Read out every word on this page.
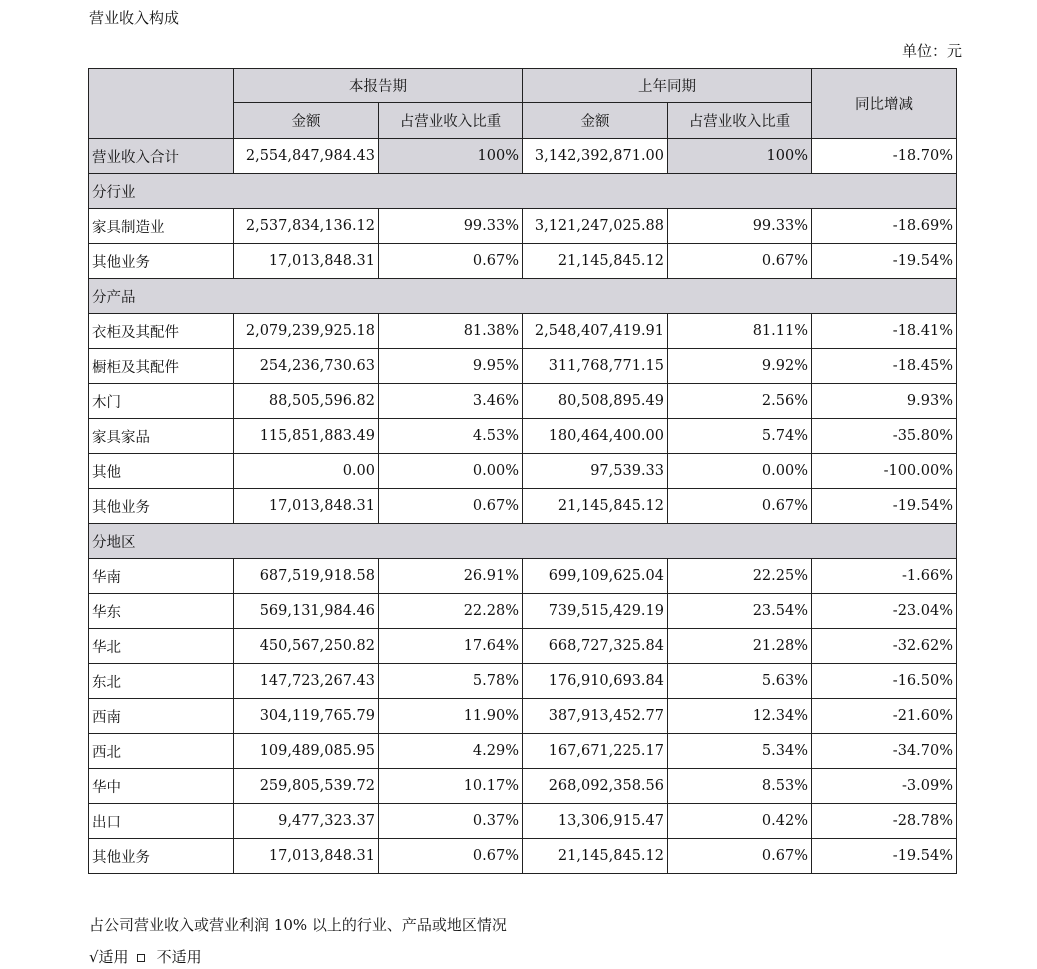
营业收入构成
单位：元
	本报告期		上年同期		同比增减
	金额	占营业收入比重	金额	占营业收入比重	
营业收入合计	2,554,847,984.43	100%	3,142,392,871.00	100%	-18.70%
分行业					
家具制造业	2,537,834,136.12	99.33%	3,121,247,025.88	99.33%	-18.69%
其他业务	17,013,848.31	0.67%	21,145,845.12	0.67%	-19.54%
分产品					
衣柜及其配件	2,079,239,925.18	81.38%	2,548,407,419.91	81.11%	-18.41%
橱柜及其配件	254,236,730.63	9.95%	311,768,771.15	9.92%	-18.45%
木门	88,505,596.82	3.46%	80,508,895.49	2.56%	9.93%
家具家品	115,851,883.49	4.53%	180,464,400.00	5.74%	-35.80%
其他	0.00	0.00%	97,539.33	0.00%	-100.00%
其他业务	17,013,848.31	0.67%	21,145,845.12	0.67%	-19.54%
分地区					
华南	687,519,918.58	26.91%	699,109,625.04	22.25%	-1.66%
华东	569,131,984.46	22.28%	739,515,429.19	23.54%	-23.04%
华北	450,567,250.82	17.64%	668,727,325.84	21.28%	-32.62%
东北	147,723,267.43	5.78%	176,910,693.84	5.63%	-16.50%
西南	304,119,765.79	11.90%	387,913,452.77	12.34%	-21.60%
西北	109,489,085.95	4.29%	167,671,225.17	5.34%	-34.70%
华中	259,805,539.72	10.17%	268,092,358.56	8.53%	-3.09%
出口	9,477,323.37	0.37%	13,306,915.47	0.42%	-28.78%
其他业务	17,013,848.31	0.67%	21,145,845.12	0.67%	-19.54%
占公司营业收入或营业利润 10% 以上的行业、产品或地区情况
√适用 不适用
